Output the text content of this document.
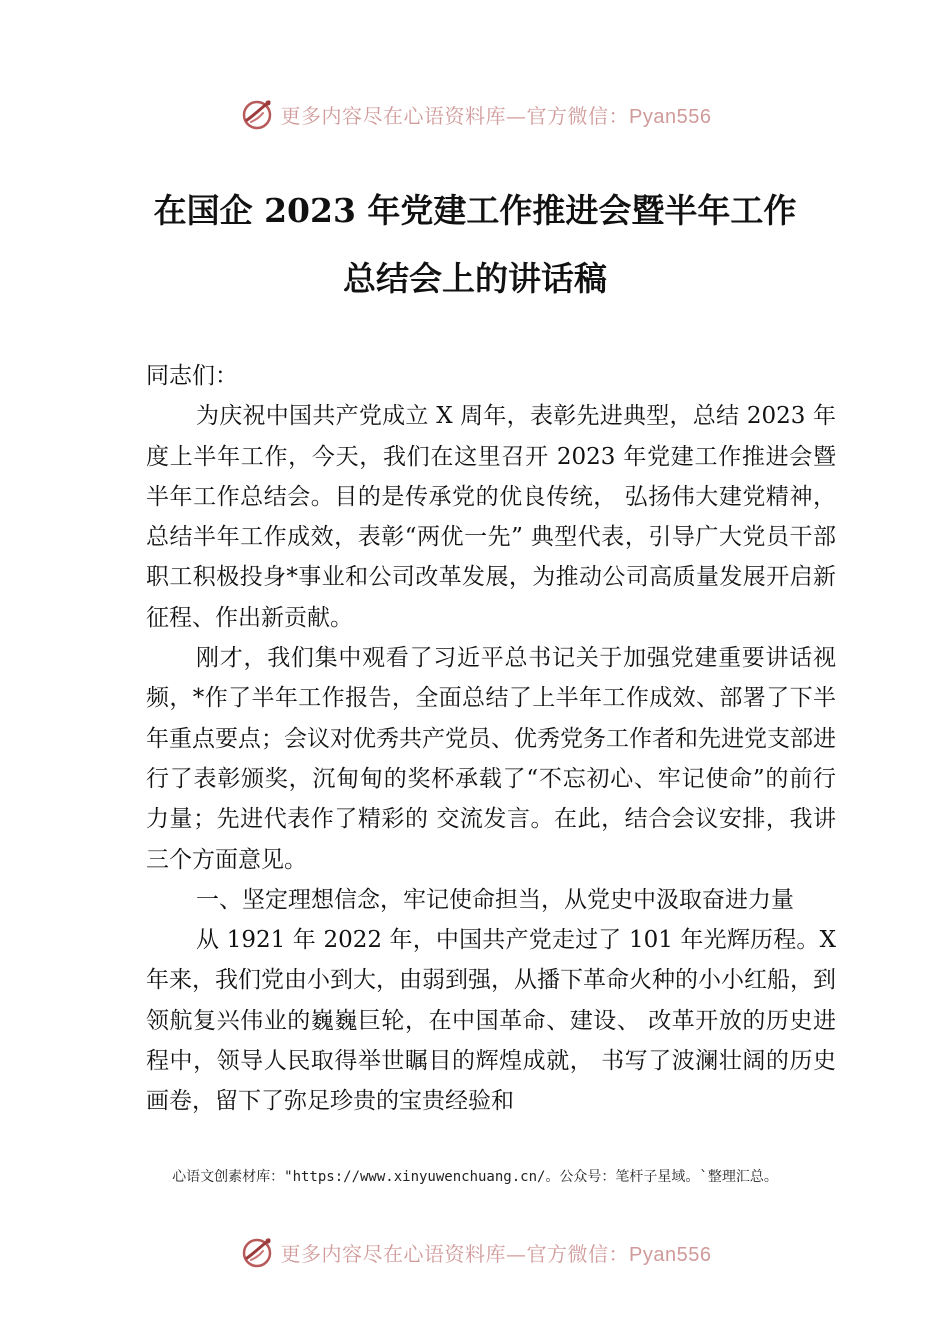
更多内容尽在心语资料库—官方微信：Pyan556
在国企 2023 年党建工作推进会暨半年工作
总结会上的讲话稿

同志们：

为庆祝中国共产党成立 X 周年，表彰先进典型，总结 2023 年度上半年工作，今天，我们在这里召开 2023 年党建工作推进会暨半年工作总结会。目的是传承党的优良传统， 弘扬伟大建党精神，总结半年工作成效，表彰“两优一先” 典型代表，引导广大党员干部职工积极投身*事业和公司改革发展，为推动公司高质量发展开启新征程、作出新贡献。

刚才，我们集中观看了习近平总书记关于加强党建重要讲话视频，*作了半年工作报告，全面总结了上半年工作成效、部署了下半年重点要点；会议对优秀共产党员、优秀党务工作者和先进党支部进行了表彰颁奖，沉甸甸的奖杯承载了“不忘初心、牢记使命”的前行力量；先进代表作了精彩的 交流发言。在此，结合会议安排，我讲三个方面意见。

一、坚定理想信念，牢记使命担当，从党史中汲取奋进力量

从 1921 年 2022 年，中国共产党走过了 101 年光辉历程。X 年来，我们党由小到大，由弱到强，从播下革命火种的小小红船，到领航复兴伟业的巍巍巨轮，在中国革命、建设、 改革开放的历史进程中，领导人民取得举世瞩目的辉煌成就， 书写了波澜壮阔的历史画卷，留下了弥足珍贵的宝贵经验和

心语文创素材库："https://www.xinyuwenchuang.cn/。公众号：笔杆子星域。`整理汇总。
更多内容尽在心语资料库—官方微信：Pyan556
